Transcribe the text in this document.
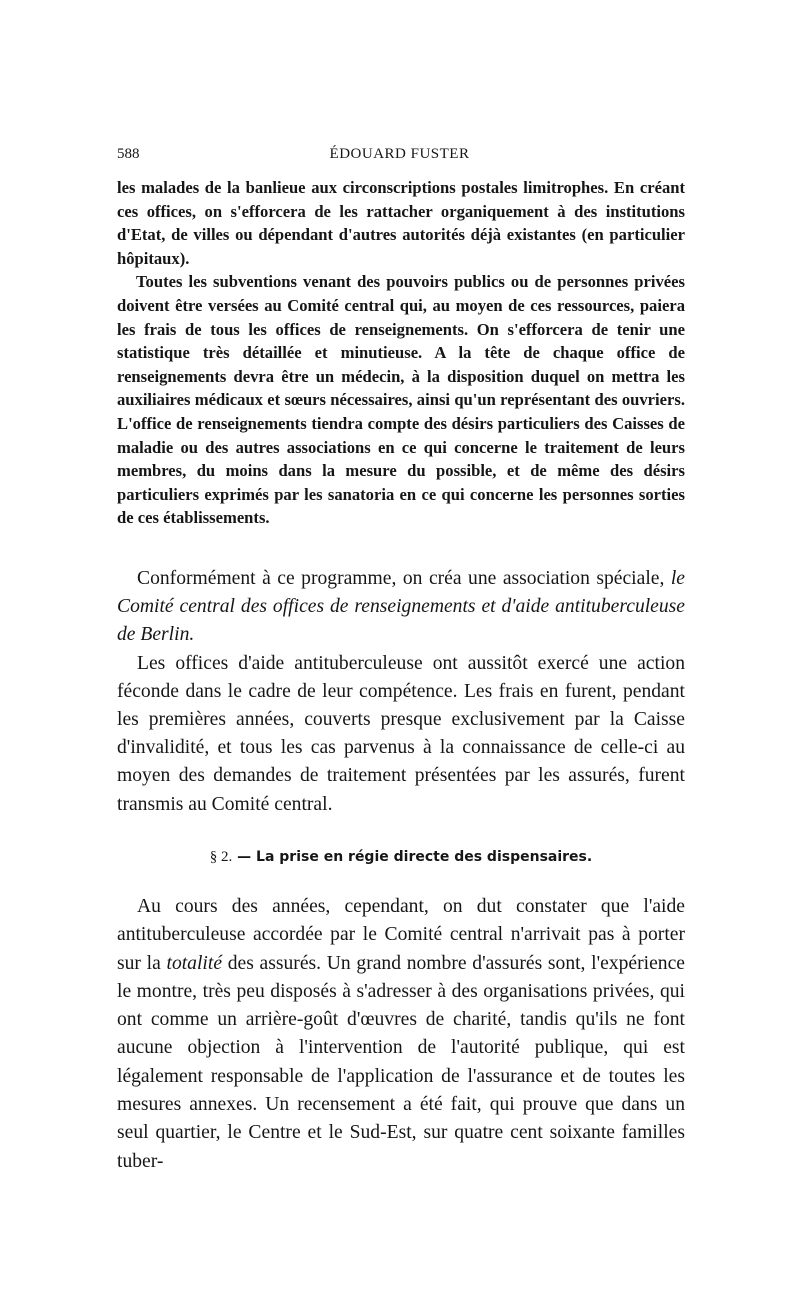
588	ÉDOUARD FUSTER

les malades de la banlieue aux circonscriptions postales limitrophes. En créant ces offices, on s'efforcera de les rattacher organiquement à des institutions d'Etat, de villes ou dépendant d'autres autorités déjà existantes (en particulier hôpitaux).

Toutes les subventions venant des pouvoirs publics ou de personnes privées doivent être versées au Comité central qui, au moyen de ces ressources, paiera les frais de tous les offices de renseignements. On s'efforcera de tenir une statistique très détaillée et minutieuse. A la tête de chaque office de renseignements devra être un médecin, à la disposition duquel on mettra les auxiliaires médicaux et sœurs nécessaires, ainsi qu'un représentant des ouvriers. L'office de renseignements tiendra compte des désirs particuliers des Caisses de maladie ou des autres associations en ce qui concerne le traitement de leurs membres, du moins dans la mesure du possible, et de même des désirs particuliers exprimés par les sanatoria en ce qui concerne les personnes sorties de ces établissements.

Conformément à ce programme, on créa une association spéciale, le Comité central des offices de renseignements et d'aide antituberculeuse de Berlin.

Les offices d'aide antituberculeuse ont aussitôt exercé une action féconde dans le cadre de leur compétence. Les frais en furent, pendant les premières années, couverts presque exclusivement par la Caisse d'invalidité, et tous les cas parvenus à la connaissance de celle-ci au moyen des demandes de traitement présentées par les assurés, furent transmis au Comité central.

§ 2. — La prise en régie directe des dispensaires.

Au cours des années, cependant, on dut constater que l'aide antituberculeuse accordée par le Comité central n'arrivait pas à porter sur la totalité des assurés. Un grand nombre d'assurés sont, l'expérience le montre, très peu disposés à s'adresser à des organisations privées, qui ont comme un arrière-goût d'œuvres de charité, tandis qu'ils ne font aucune objection à l'intervention de l'autorité publique, qui est légalement responsable de l'application de l'assurance et de toutes les mesures annexes. Un recensement a été fait, qui prouve que dans un seul quartier, le Centre et le Sud-Est, sur quatre cent soixante familles tuber-
